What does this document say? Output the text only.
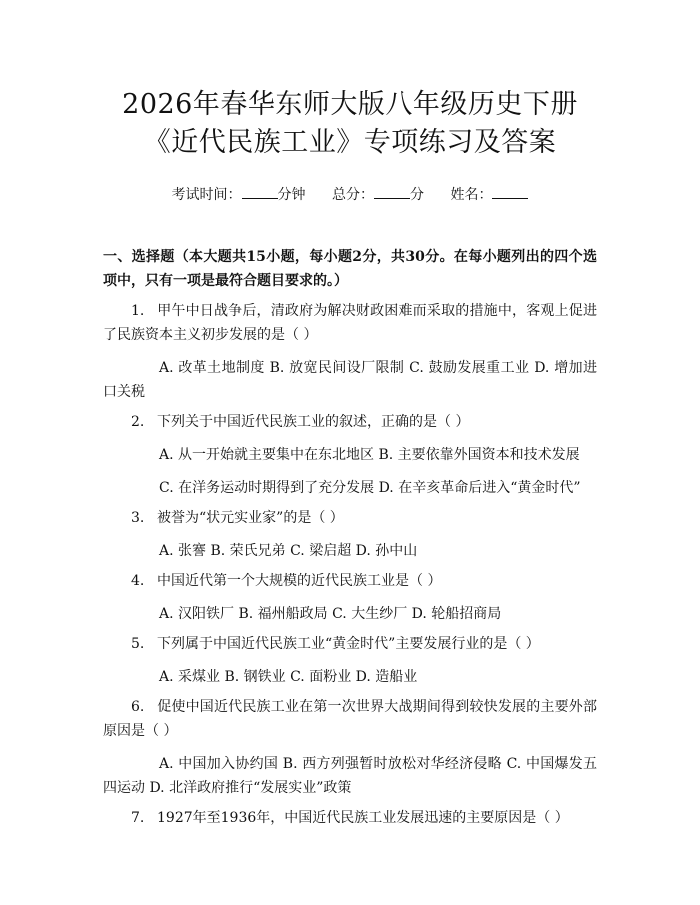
2026年春华东师大版八年级历史下册《近代民族工业》专项练习及答案
考试时间：	分钟 总分：	分 姓名：
一、选择题（本大题共15小题，每小题2分，共30分。在每小题列出的四个选项中，只有一项是最符合题目要求的。）
1. 甲午中日战争后，清政府为解决财政困难而采取的措施中，客观上促进了民族资本主义初步发展的是（ ）
A. 改革土地制度 B. 放宽民间设厂限制 C. 鼓励发展重工业 D. 增加进口关税
2. 下列关于中国近代民族工业的叙述，正确的是（ ）
A. 从一开始就主要集中在东北地区 B. 主要依靠外国资本和技术发展
C. 在洋务运动时期得到了充分发展 D. 在辛亥革命后进入“黄金时代”
3. 被誉为“状元实业家”的是（ ）
A. 张謇 B. 荣氏兄弟 C. 梁启超 D. 孙中山
4. 中国近代第一个大规模的近代民族工业是（ ）
A. 汉阳铁厂 B. 福州船政局 C. 大生纱厂 D. 轮船招商局
5. 下列属于中国近代民族工业“黄金时代”主要发展行业的是（ ）
A. 采煤业 B. 钢铁业 C. 面粉业 D. 造船业
6. 促使中国近代民族工业在第一次世界大战期间得到较快发展的主要外部原因是（ ）
A. 中国加入协约国 B. 西方列强暂时放松对华经济侵略 C. 中国爆发五四运动 D. 北洋政府推行“发展实业”政策
7. 1927年至1936年，中国近代民族工业发展迅速的主要原因是（ ）
